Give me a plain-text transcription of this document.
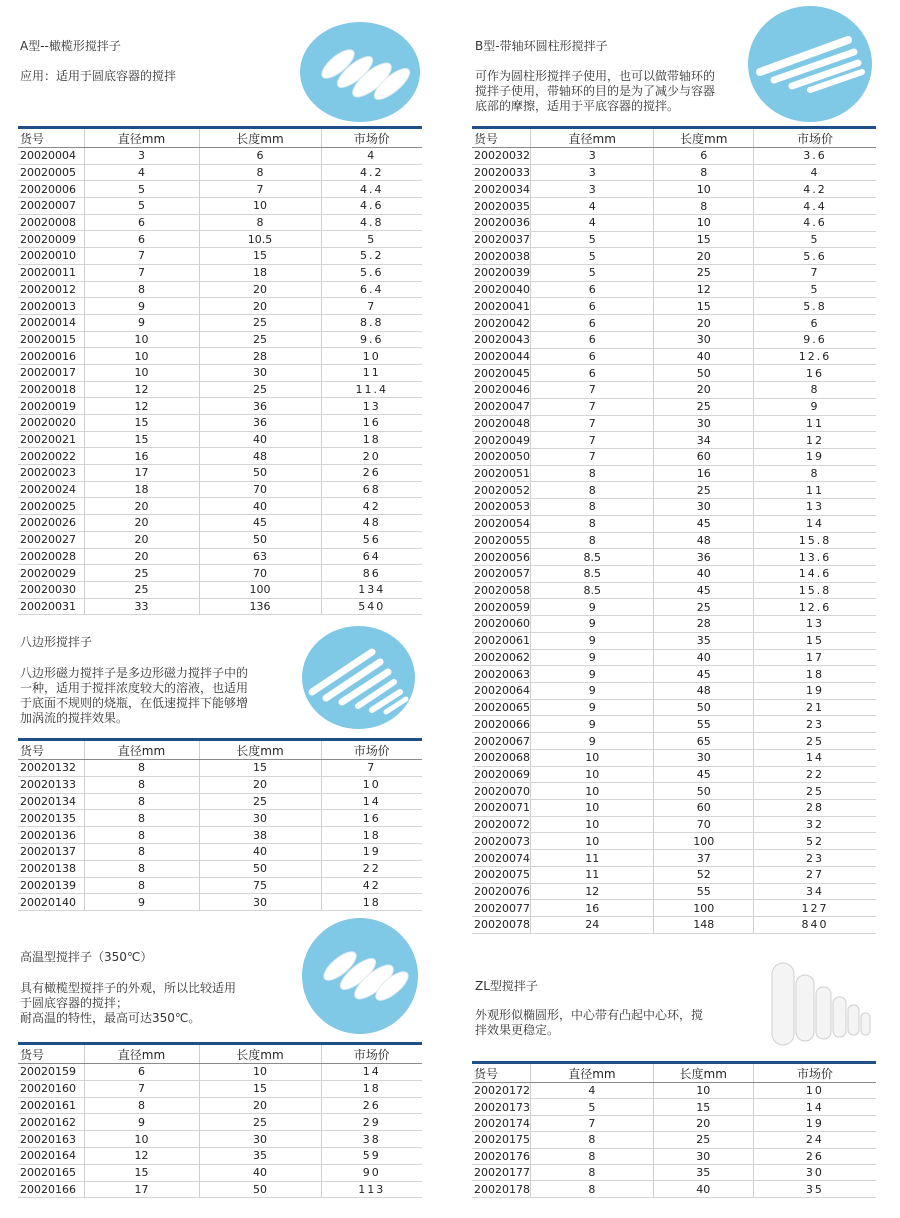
A型--橄榄形搅拌子
应用：适用于圆底容器的搅拌
货号	直径mm	长度mm	市场价
20020004	3	6	4
20020005	4	8	4.2
20020006	5	7	4.4
20020007	5	10	4.6
20020008	6	8	4.8
20020009	6	10.5	5
20020010	7	15	5.2
20020011	7	18	5.6
20020012	8	20	6.4
20020013	9	20	7
20020014	9	25	8.8
20020015	10	25	9.6
20020016	10	28	10
20020017	10	30	11
20020018	12	25	11.4
20020019	12	36	13
20020020	15	36	16
20020021	15	40	18
20020022	16	48	20
20020023	17	50	26
20020024	18	70	68
20020025	20	40	42
20020026	20	45	48
20020027	20	50	56
20020028	20	63	64
20020029	25	70	86
20020030	25	100	134
20020031	33	136	540
八边形搅拌子
八边形磁力搅拌子是多边形磁力搅拌子中的
一种，适用于搅拌浓度较大的溶液，也适用
于底面不规则的烧瓶，在低速搅拌下能够增
加涡流的搅拌效果。
货号	直径mm	长度mm	市场价
20020132	8	15	7
20020133	8	20	10
20020134	8	25	14
20020135	8	30	16
20020136	8	38	18
20020137	8	40	19
20020138	8	50	22
20020139	8	75	42
20020140	9	30	18
高温型搅拌子（350℃）
具有橄榄型搅拌子的外观，所以比较适用
于圆底容器的搅拌；
耐高温的特性，最高可达350℃。
货号	直径mm	长度mm	市场价
20020159	6	10	14
20020160	7	15	18
20020161	8	20	26
20020162	9	25	29
20020163	10	30	38
20020164	12	35	59
20020165	15	40	90
20020166	17	50	113
B型-带轴环圆柱形搅拌子
可作为圆柱形搅拌子使用，也可以做带轴环的
搅拌子使用，带轴环的目的是为了减少与容器
底部的摩擦，适用于平底容器的搅拌。
货号	直径mm	长度mm	市场价
20020032	3	6	3.6
20020033	3	8	4
20020034	3	10	4.2
20020035	4	8	4.4
20020036	4	10	4.6
20020037	5	15	5
20020038	5	20	5.6
20020039	5	25	7
20020040	6	12	5
20020041	6	15	5.8
20020042	6	20	6
20020043	6	30	9.6
20020044	6	40	12.6
20020045	6	50	16
20020046	7	20	8
20020047	7	25	9
20020048	7	30	11
20020049	7	34	12
20020050	7	60	19
20020051	8	16	8
20020052	8	25	11
20020053	8	30	13
20020054	8	45	14
20020055	8	48	15.8
20020056	8.5	36	13.6
20020057	8.5	40	14.6
20020058	8.5	45	15.8
20020059	9	25	12.6
20020060	9	28	13
20020061	9	35	15
20020062	9	40	17
20020063	9	45	18
20020064	9	48	19
20020065	9	50	21
20020066	9	55	23
20020067	9	65	25
20020068	10	30	14
20020069	10	45	22
20020070	10	50	25
20020071	10	60	28
20020072	10	70	32
20020073	10	100	52
20020074	11	37	23
20020075	11	52	27
20020076	12	55	34
20020077	16	100	127
20020078	24	148	840
ZL型搅拌子
外观形似椭圆形，中心带有凸起中心环，搅
拌效果更稳定。
货号	直径mm	长度mm	市场价
20020172	4	10	10
20020173	5	15	14
20020174	7	20	19
20020175	8	25	24
20020176	8	30	26
20020177	8	35	30
20020178	8	40	35
